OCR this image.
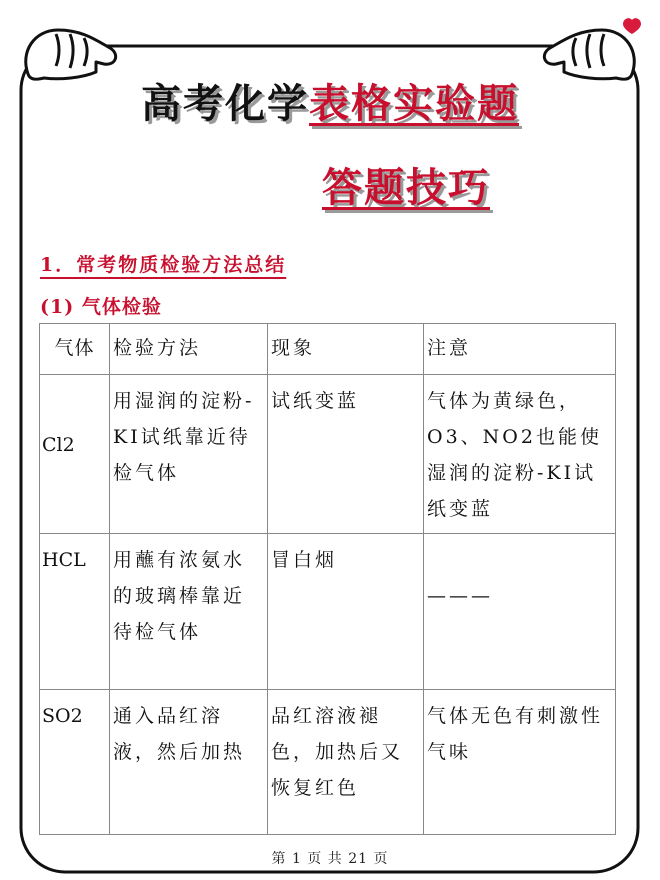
高考化学表格实验题
答题技巧
1．常考物质检验方法总结
(1) 气体检验
气体	检验方法	现象	注意
Cl2	用湿润的淀粉-KI试纸靠近待检气体	试纸变蓝	气体为黄绿色，O3、NO2也能使湿润的淀粉-KI试纸变蓝
HCL	用蘸有浓氨水的玻璃棒靠近待检气体	冒白烟	———

SO2	通入品红溶液，然后加热	品红溶液褪色，加热后又恢复红色	气体无色有刺激性气味
第 1 页 共 21 页
